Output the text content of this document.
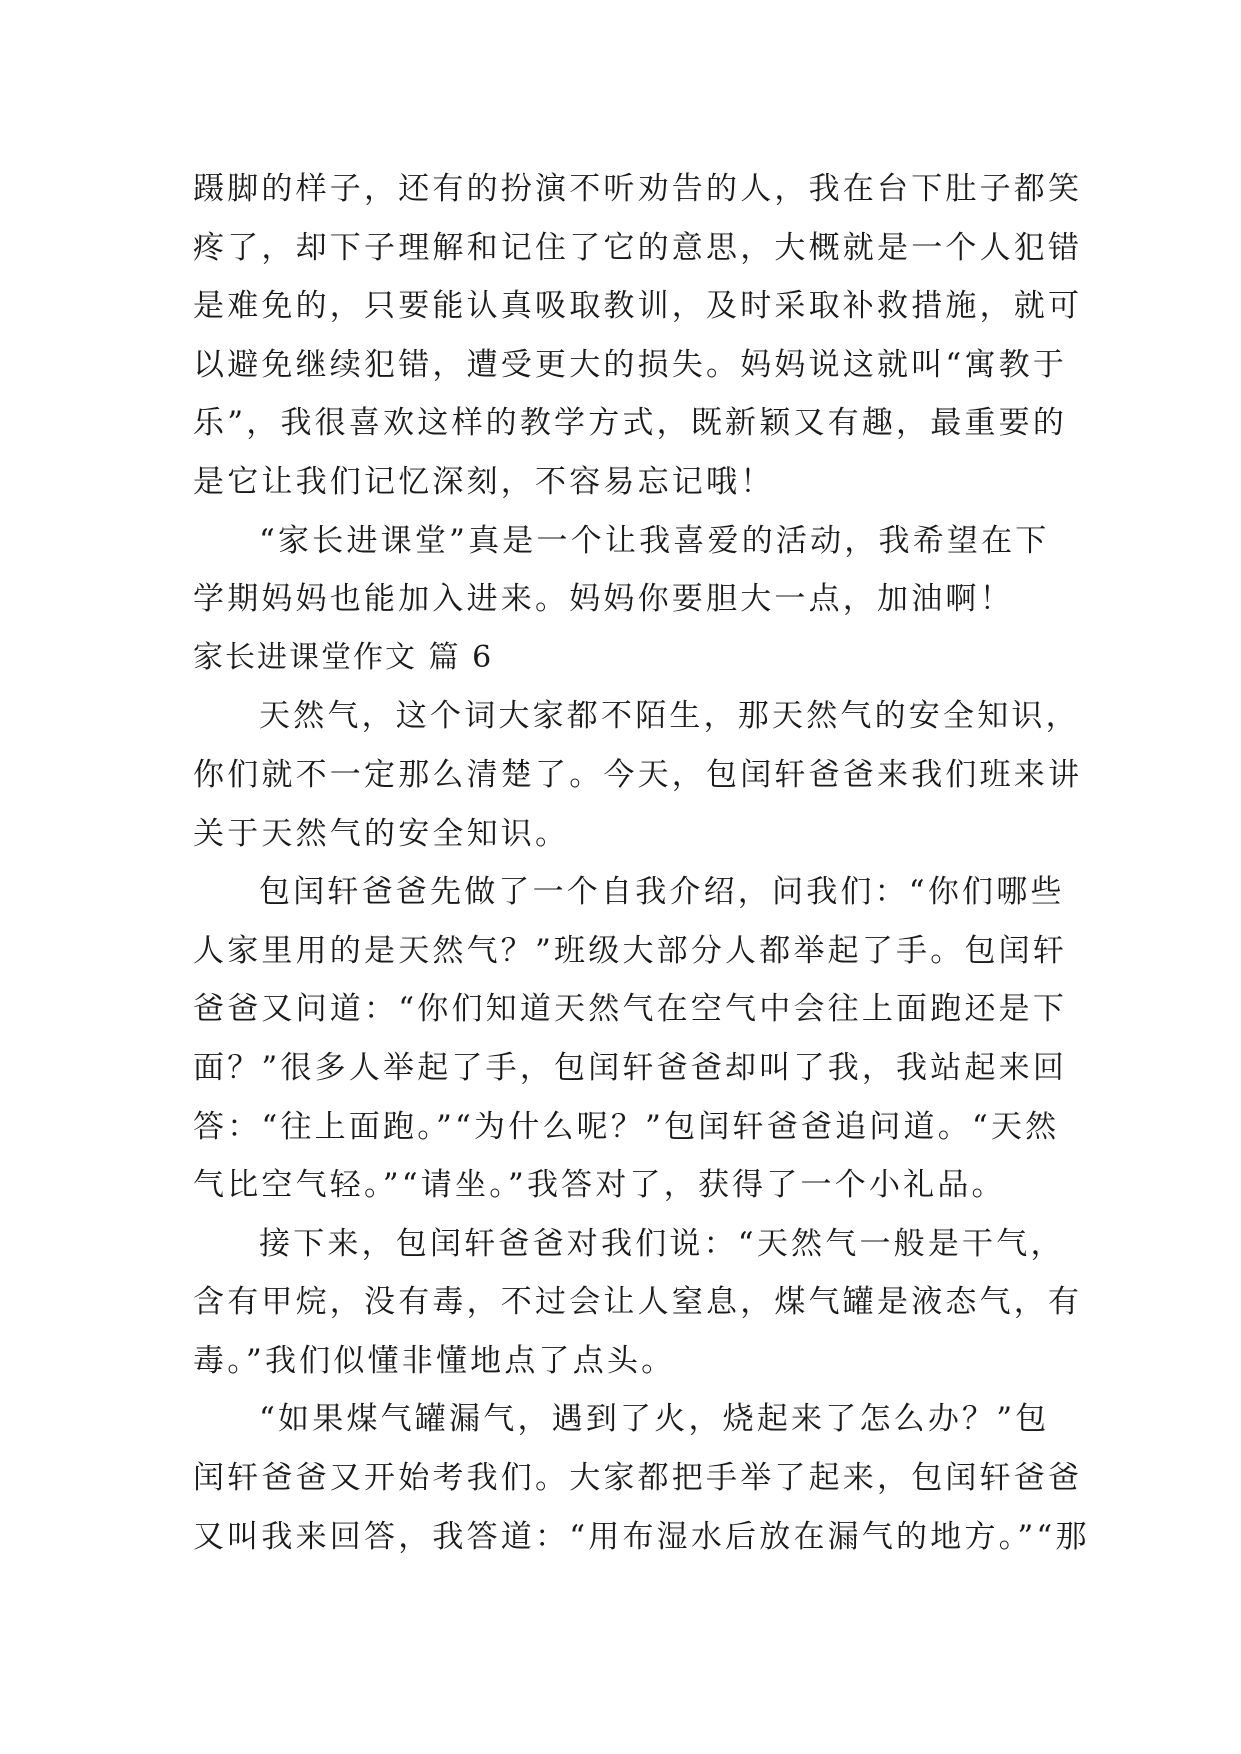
蹑脚的样子，还有的扮演不听劝告的人，我在台下肚子都笑
疼了，却下子理解和记住了它的意思，大概就是一个人犯错
是难免的，只要能认真吸取教训，及时采取补救措施，就可
以避免继续犯错，遭受更大的损失。妈妈说这就叫“寓教于
乐”，我很喜欢这样的教学方式，既新颖又有趣，最重要的
是它让我们记忆深刻，不容易忘记哦！
“家长进课堂”真是一个让我喜爱的活动，我希望在下
学期妈妈也能加入进来。妈妈你要胆大一点，加油啊！
家长进课堂作文 篇 6
天然气，这个词大家都不陌生，那天然气的安全知识，
你们就不一定那么清楚了。今天，包闰轩爸爸来我们班来讲
关于天然气的安全知识。
包闰轩爸爸先做了一个自我介绍，问我们：“你们哪些
人家里用的是天然气？”班级大部分人都举起了手。包闰轩
爸爸又问道：“你们知道天然气在空气中会往上面跑还是下
面？”很多人举起了手，包闰轩爸爸却叫了我，我站起来回
答：“往上面跑。”“为什么呢？”包闰轩爸爸追问道。“天然
气比空气轻。”“请坐。”我答对了，获得了一个小礼品。
接下来，包闰轩爸爸对我们说：“天然气一般是干气，
含有甲烷，没有毒，不过会让人窒息，煤气罐是液态气，有
毒。”我们似懂非懂地点了点头。
“如果煤气罐漏气，遇到了火，烧起来了怎么办？”包
闰轩爸爸又开始考我们。大家都把手举了起来，包闰轩爸爸
又叫我来回答，我答道：“用布湿水后放在漏气的地方。”“那
